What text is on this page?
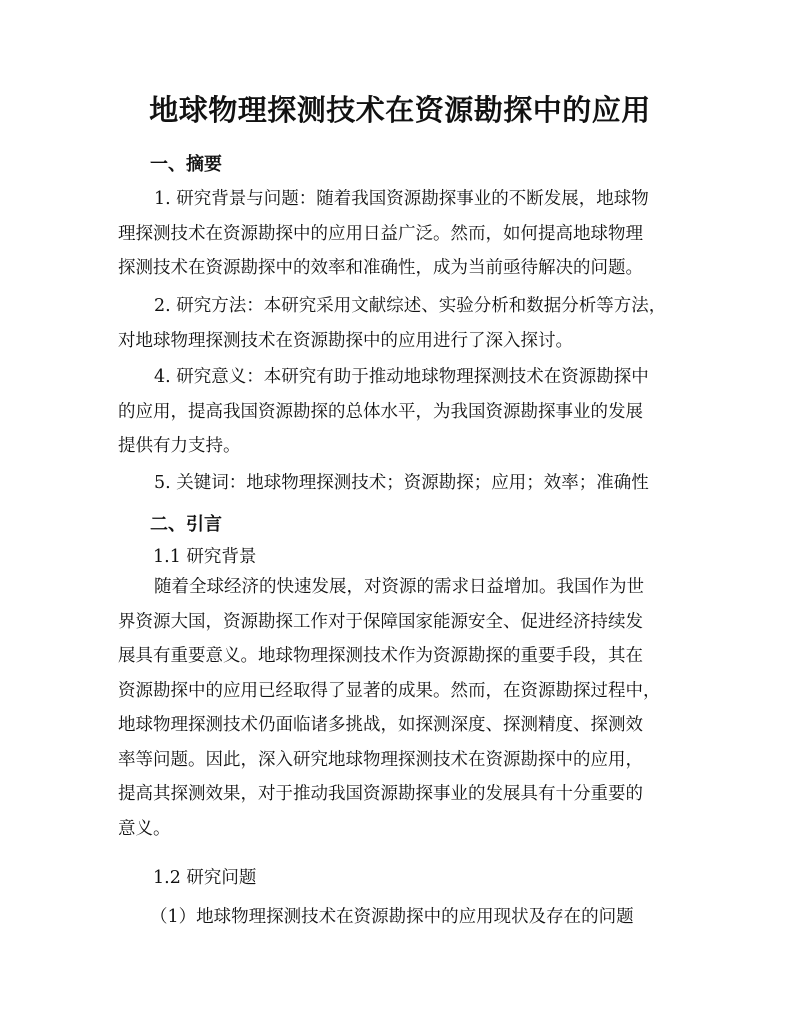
地球物理探测技术在资源勘探中的应用
一、摘要
1. 研究背景与问题：随着我国资源勘探事业的不断发展，地球物
理探测技术在资源勘探中的应用日益广泛。然而，如何提高地球物理
探测技术在资源勘探中的效率和准确性，成为当前亟待解决的问题。
2. 研究方法：本研究采用文献综述、实验分析和数据分析等方法，
对地球物理探测技术在资源勘探中的应用进行了深入探讨。
4. 研究意义：本研究有助于推动地球物理探测技术在资源勘探中
的应用，提高我国资源勘探的总体水平，为我国资源勘探事业的发展
提供有力支持。
5. 关键词：地球物理探测技术；资源勘探；应用；效率；准确性
二、引言
1.1 研究背景
随着全球经济的快速发展，对资源的需求日益增加。我国作为世
界资源大国，资源勘探工作对于保障国家能源安全、促进经济持续发
展具有重要意义。地球物理探测技术作为资源勘探的重要手段，其在
资源勘探中的应用已经取得了显著的成果。然而，在资源勘探过程中，
地球物理探测技术仍面临诸多挑战，如探测深度、探测精度、探测效
率等问题。因此，深入研究地球物理探测技术在资源勘探中的应用，
提高其探测效果，对于推动我国资源勘探事业的发展具有十分重要的
意义。
1.2 研究问题
（1）地球物理探测技术在资源勘探中的应用现状及存在的问题
